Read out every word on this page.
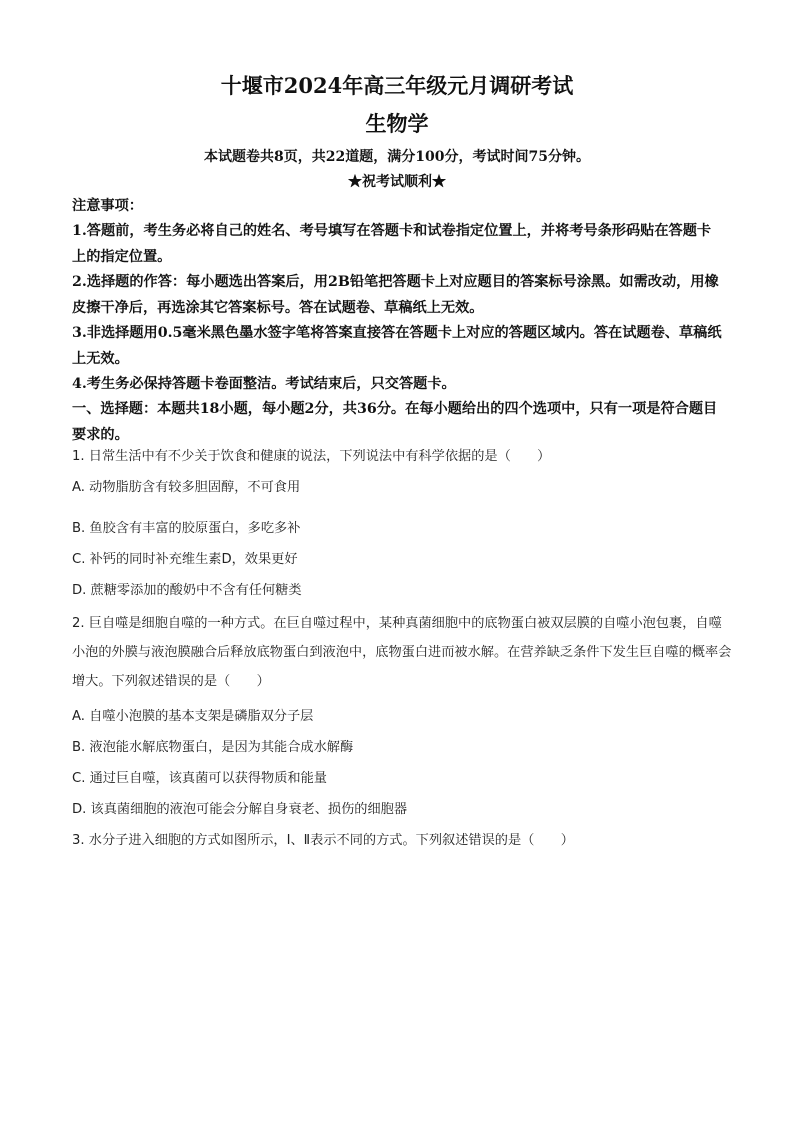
十堰市2024年高三年级元月调研考试
生物学

本试题卷共8页，共22道题，满分100分，考试时间75分钟。

★祝考试顺利★

注意事项：

1.答题前，考生务必将自己的姓名、考号填写在答题卡和试卷指定位置上，并将考号条形码贴在答题卡上的指定位置。

2.选择题的作答：每小题选出答案后，用2B铅笔把答题卡上对应题目的答案标号涂黑。如需改动，用橡皮擦干净后，再选涂其它答案标号。答在试题卷、草稿纸上无效。

3.非选择题用0.5毫米黑色墨水签字笔将答案直接答在答题卡上对应的答题区域内。答在试题卷、草稿纸上无效。

4.考生务必保持答题卡卷面整洁。考试结束后，只交答题卡。

一、选择题：本题共18小题，每小题2分，共36分。在每小题给出的四个选项中，只有一项是符合题目要求的。

1. 日常生活中有不少关于饮食和健康的说法，下列说法中有科学依据的是（　　）

A. 动物脂肪含有较多胆固醇，不可食用

B. 鱼胶含有丰富的胶原蛋白，多吃多补

C. 补钙的同时补充维生素D，效果更好

D. 蔗糖零添加的酸奶中不含有任何糖类

2. 巨自噬是细胞自噬的一种方式。在巨自噬过程中，某种真菌细胞中的底物蛋白被双层膜的自噬小泡包裹，自噬小泡的外膜与液泡膜融合后释放底物蛋白到液泡中，底物蛋白进而被水解。在营养缺乏条件下发生巨自噬的概率会增大。下列叙述错误的是（　　）

A. 自噬小泡膜的基本支架是磷脂双分子层

B. 液泡能水解底物蛋白，是因为其能合成水解酶

C. 通过巨自噬，该真菌可以获得物质和能量

D. 该真菌细胞的液泡可能会分解自身衰老、损伤的细胞器

3. 水分子进入细胞的方式如图所示，Ⅰ、Ⅱ表示不同的方式。下列叙述错误的是（　　）
